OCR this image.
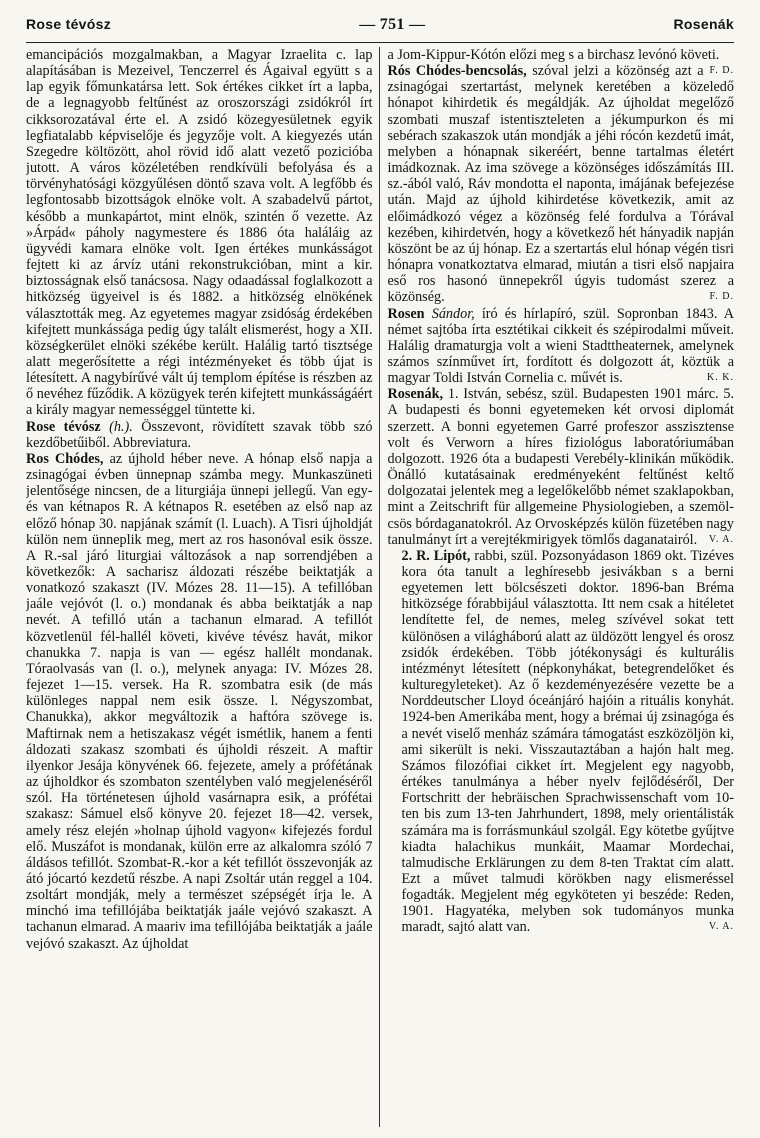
Rose tévósz	— 751 —	Rosenák

emancipációs mozgalmakban, a Magyar Izraelita c. lap alapításában is Mezeivel, Tenczerrel és Ágaival együtt s a lap egyik főmunkatársa lett. Sok értékes cikket írt a lapba, de a legnagyobb feltűnést az oroszországi zsidókról írt cikksorozatával érte el. A zsidó közegyesületnek egyik legfiatalabb képviselője és jegyzője volt. A kiegyezés után Szegedre költözött, ahol rövid idő alatt vezető pozicióba jutott. A város közéletében rendkívüli befolyása és a törvényhatósági közgyűlésen döntő szava volt. A legfőbb és legfontosabb bizottságok elnöke volt. A szabadelvű pártot, később a munkapártot, mint elnök, szintén ő vezette. Az »Árpád« páholy nagymestere és 1886 óta haláláig az ügyvédi kamara elnöke volt. Igen értékes munkásságot fejtett ki az árvíz utáni rekonstrukcióban, mint a kir. biztosságnak első tanácsosa. Nagy odaadással foglalkozott a hitközség ügyeivel is és 1882. a hitközség elnökének választották meg. Az egyetemes magyar zsidóság érdekében kifejtett munkássága pedig úgy talált elismerést, hogy a XII. községkerület elnöki székébe került. Halálig tartó tisztsége alatt megerősítette a régi intézményeket és több újat is létesített. A nagybírűvé vált új templom építése is részben az ő nevéhez fűződik. A közügyek terén kifejtett munkásságáért a király magyar nemességgel tüntette ki.

Rose tévósz (h.). Összevont, rövidített szavak több szó kezdőbetűiből. Abbreviatura.

Ros Chódes, az újhold héber neve. A hónap első napja a zsinagógai évben ünnepnap számba megy. Munkaszüneti jelentősége nincsen, de a liturgiája ünnepi jellegű. Van egy- és van kétnapos R. A kétnapos R. esetében az első nap az előző hónap 30. napjának számít (l. Luach). A Tisri újholdját külön nem ünneplik meg, mert az ros hasonóval esik össze. A R.-sal járó liturgiai változások a nap sorrendjében a következők: A sacharisz áldozati részébe beiktatják a vonatkozó szakaszt (IV. Mózes 28. 11—15). A tefillóban jaále vejóvót (l. o.) mondanak és abba beiktatják a nap nevét. A tefilló után a tachanun elmarad. A tefillót közvetlenül fél-hallél követi, kivéve tévész havát, mikor chanukka 7. napja is van — egész hallélt mondanak. Tóraolvasás van (l. o.), melynek anyaga: IV. Mózes 28. fejezet 1—15. versek. Ha R. szombatra esik (de más különleges nappal nem esik össze. l. Négyszombat, Chanukka), akkor megváltozik a haftóra szövege is. Maftirnak nem a hetiszakasz végét ismétlik, hanem a fenti áldozati szakasz szombati és újholdi részeit. A maftir ilyenkor Jesája könyvének 66. fejezete, amely a prófétának az újholdkor és szombaton szentélyben való megjelenéséről szól. Ha történetesen újhold vasárnapra esik, a prófétai szakasz: Sámuel első könyve 20. fejezet 18—42. versek, amely rész elején »holnap újhold vagyon« kifejezés fordul elő. Muszáfot is mondanak, külön erre az alkalomra szóló 7 áldásos tefillót. Szombat-R.-kor a két tefillót összevonják az átó jócartó kezdetű részbe. A napi Zsoltár után reggel a 104. zsoltárt mondják, mely a természet szépségét írja le. A minchó ima tefillójába beiktatják jaále vejóvó szakaszt. A tachanun elmarad. A maariv ima tefillójába beiktatják a jaále vejóvó szakaszt. Az újholdat

a Jom-Kippur-Kótón előzi meg s a birchasz levónó követi.
F. D.

Rós Chódes-bencsolás, szóval jelzi a közönség azt a zsinagógai szertartást, melynek keretében a közeledő hónapot kihirdetik és megáldják. Az újholdat megelőző szombati muszaf istentiszteleten a jékumpurkon és mi sebérach szakaszok után mondják a jéhi rócón kezdetű imát, melyben a hónapnak sikeréért, benne tartalmas életért imádkoznak. Az ima szövege a közönséges időszámítás III. sz.-ából való, Ráv mondotta el naponta, imájának befejezése után. Majd az újhold kihirdetése következik, amit az előimádkozó végez a közönség felé fordulva a Tórával kezében, kihirdetvén, hogy a következő hét hányadik napján köszönt be az új hónap. Ez a szertartás elul hónap végén tisri hónapra vonatkoztatva elmarad, miután a tisri első napjaira eső ros hasonó ünnepekről úgyis tudomást szerez a közönség.	F. D.

Rosen Sándor, író és hírlapíró, szül. Sopronban 1843. A német sajtóba írta esztétikai cikkeit és szépirodalmi műveit. Halálig dramaturgja volt a wieni Stadttheaternek, amelynek számos színművet írt, fordított és dolgozott át, köztük a magyar Toldi István Cornelia c. művét is.	K. K.

Rosenák, 1. István, sebész, szül. Budapesten 1901 márc. 5. A budapesti és bonni egyetemeken két orvosi diplomát szerzett. A bonni egyetemen Garré profeszor asszisztense volt és Verworn a híres fiziológus laboratóriumában dolgozott. 1926 óta a budapesti Verebély-klinikán működik. Önálló kutatásainak eredményeként feltűnést keltő dolgozatai jelentek meg a legelőkelőbb német szaklapokban, mint a Zeitschrift für allgemeine Physiologieben, a szemöl- csös bórdaganatokról. Az Orvosképzés külön füzetében nagy tanulmányt írt a verejtékmirigyek tömlős daganatairól. V. A.

2. R. Lipót, rabbi, szül. Pozsonyádason 1869 okt. Tizéves kora óta tanult a leghíresebb jesivákban s a berni egyetemen lett bölcsészeti doktor. 1896-ban Bréma hitközsége fórabbijául választotta. Itt nem csak a hitéletet lendítette fel, de nemes, meleg szívével sokat tett különösen a világháború alatt az üldözött lengyel és orosz zsidók érdekében. Több jótékonysági és kulturális intézményt létesített (népkonyhákat, betegrendelőket és kulturegyleteket). Az ő kezdeményezésére vezette be a Norddeutscher Lloyd óceánjáró hajóin a rituális konyhát. 1924-ben Amerikába ment, hogy a brémai új zsinagóga és a nevét viselő menház számára támogatást eszközöljön ki, ami sikerült is neki. Visszautaztában a hajón halt meg. Számos filozófiai cikket írt. Megjelent egy nagyobb, értékes tanulmánya a héber nyelv fejlődéséről, Der Fortschritt der hebräischen Sprachwissenschaft vom 10-ten bis zum 13-ten Jahrhundert, 1898, mely orientálisták számára ma is forrásmunkául szolgál. Egy kötetbe gyűjtve kiadta halachikus munkáit, Maamar Mordechai, talmudische Erklärungen zu dem 8-ten Traktat cím alatt. Ezt a művet talmudi körökben nagy elismeréssel fogadták. Megjelent még egyköteten yi beszéde: Reden, 1901. Hagyatéka, melyben sok tudományos munka maradt, sajtó alatt van.	V. A.
